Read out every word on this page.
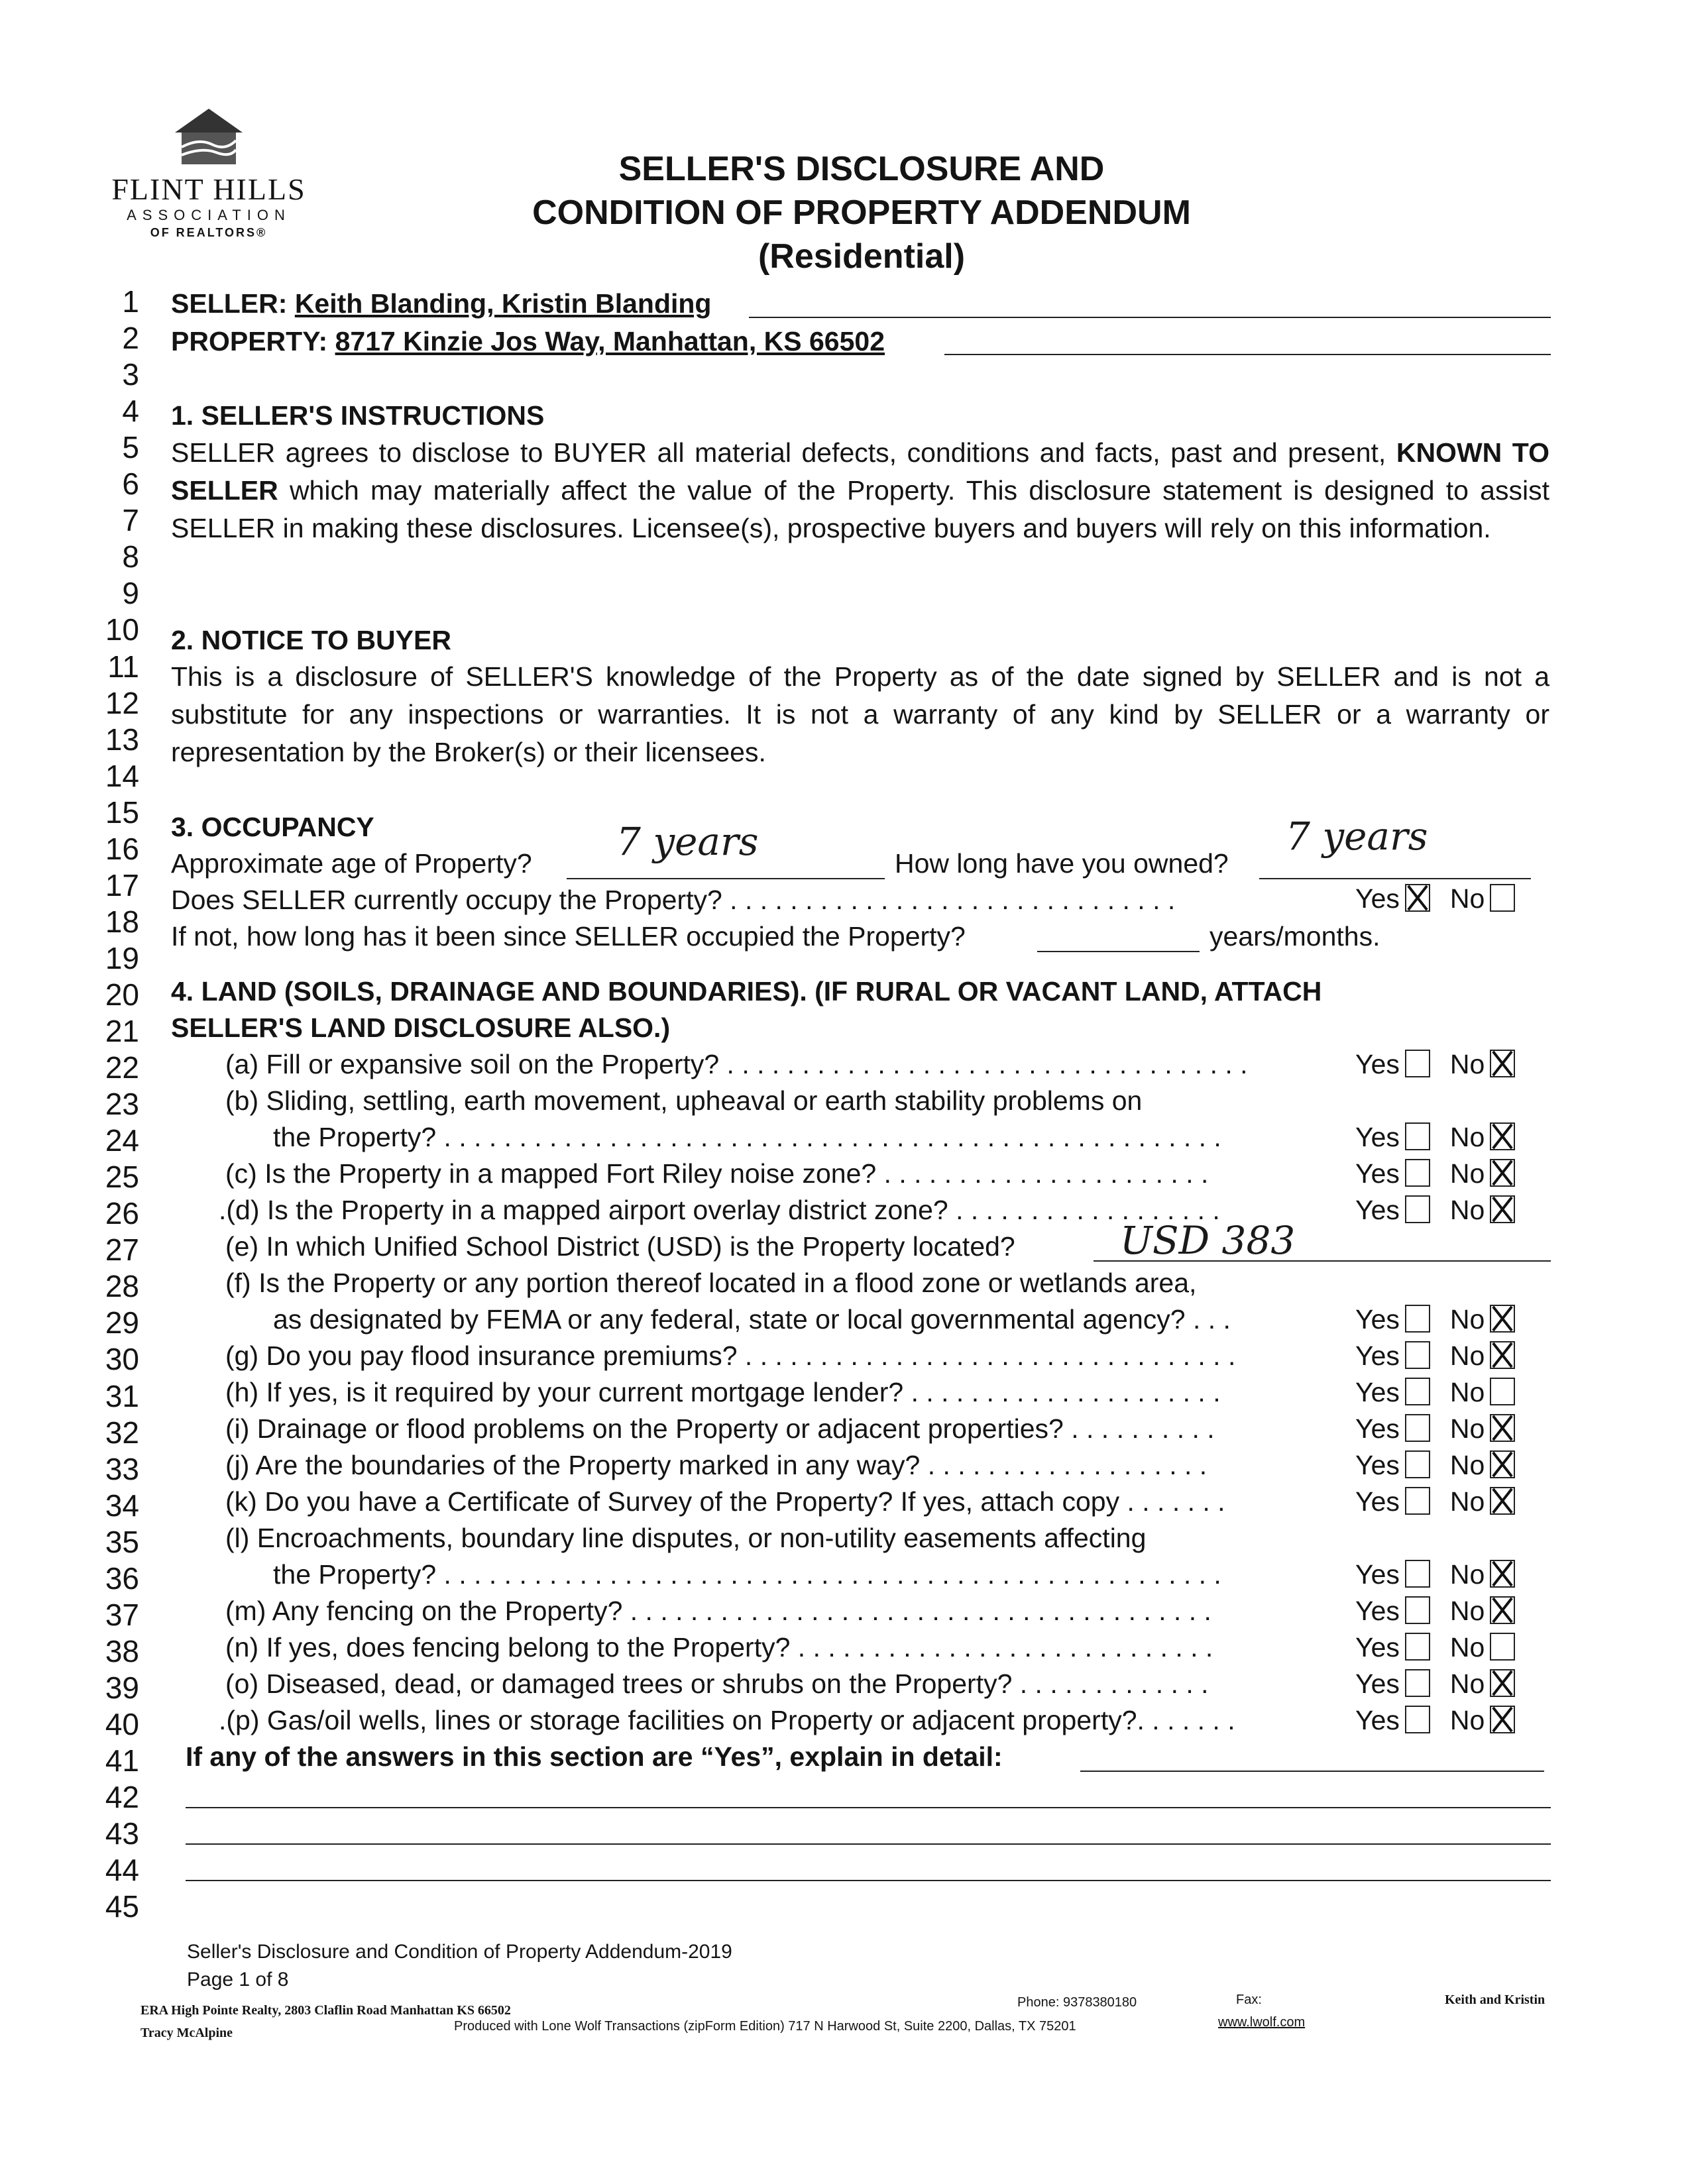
FLINT HILLS
ASSOCIATION
OF REALTORS®
SELLER'S DISCLOSURE AND
CONDITION OF PROPERTY ADDENDUM
(Residential)
1
2
3
4
5
6
7
8
9
10
11
12
13
14
15
16
17
18
19
20
21
22
23
24
25
26
27
28
29
30
31
32
33
34
35
36
37
38
39
40
41
42
43
44
45
SELLER: Keith Blanding, Kristin Blanding
PROPERTY: 8717 Kinzie Jos Way, Manhattan, KS 66502
1. SELLER'S INSTRUCTIONS
SELLER agrees to disclose to BUYER all material defects, conditions and facts, past and present, KNOWN TO SELLER which may materially affect the value of the Property. This disclosure statement is designed to assist SELLER in making these disclosures. Licensee(s), prospective buyers and buyers will rely on this information.
2. NOTICE TO BUYER
This is a disclosure of SELLER'S knowledge of the Property as of the date signed by SELLER and is not a substitute for any inspections or warranties. It is not a warranty of any kind by SELLER or a warranty or representation by the Broker(s) or their licensees.
3. OCCUPANCY
Approximate age of Property? 7 years	How long have you owned?
7 years
Does SELLER currently occupy the Property? . . . . . . . . . . . . . . . . . . . . . . . . . . . . . .	Yes No
If not, how long has it been since SELLER occupied the Property?	years/months.
4. LAND (SOILS, DRAINAGE AND BOUNDARIES). (IF RURAL OR VACANT LAND, ATTACH
SELLER'S LAND DISCLOSURE ALSO.)
(a) Fill or expansive soil on the Property? . . . . . . . . . . . . . . . . . . . . . . . . . . . . . . . . . . .	Yes No
(b) Sliding, settling, earth movement, upheaval or earth stability problems on
the Property? . . . . . . . . . . . . . . . . . . . . . . . . . . . . . . . . . . . . . . . . . . . . . . . . . . . .	Yes No
(c) Is the Property in a mapped Fort Riley noise zone? . . . . . . . . . . . . . . . . . . . . . .	Yes No
.(d) Is the Property in a mapped airport overlay district zone? . . . . . . . . . . . . . . . . . .	Yes No
(e) In which Unified School District (USD) is the Property located?	USD 383
(f) Is the Property or any portion thereof located in a flood zone or wetlands area,
as designated by FEMA or any federal, state or local governmental agency? . . .	Yes No
(g) Do you pay flood insurance premiums? . . . . . . . . . . . . . . . . . . . . . . . . . . . . . . . . .	Yes No
(h) If yes, is it required by your current mortgage lender? . . . . . . . . . . . . . . . . . . . . .	Yes No
(i) Drainage or flood problems on the Property or adjacent properties? . . . . . . . . . .	Yes No
(j) Are the boundaries of the Property marked in any way? . . . . . . . . . . . . . . . . . . .	Yes No
(k) Do you have a Certificate of Survey of the Property? If yes, attach copy . . . . . . .	Yes No
(l) Encroachments, boundary line disputes, or non-utility easements affecting
the Property? . . . . . . . . . . . . . . . . . . . . . . . . . . . . . . . . . . . . . . . . . . . . . . . . . . . .	Yes No
(m) Any fencing on the Property? . . . . . . . . . . . . . . . . . . . . . . . . . . . . . . . . . . . . . . .	Yes No
(n) If yes, does fencing belong to the Property? . . . . . . . . . . . . . . . . . . . . . . . . . . . .	Yes No
(o) Diseased, dead, or damaged trees or shrubs on the Property? . . . . . . . . . . . . .	Yes No
.(p) Gas/oil wells, lines or storage facilities on Property or adjacent property?. . . . . . .	Yes No
If any of the answers in this section are “Yes”, explain in detail:
Seller's Disclosure and Condition of Property Addendum-2019
Page 1 of 8
ERA High Pointe Realty, 2803 Claflin Road Manhattan KS 66502
Tracy McAlpine
Phone: 9378380180	Fax:	Keith and Kristin
Produced with Lone Wolf Transactions (zipForm Edition) 717 N Harwood St, Suite 2200, Dallas, TX 75201	www.lwolf.com
